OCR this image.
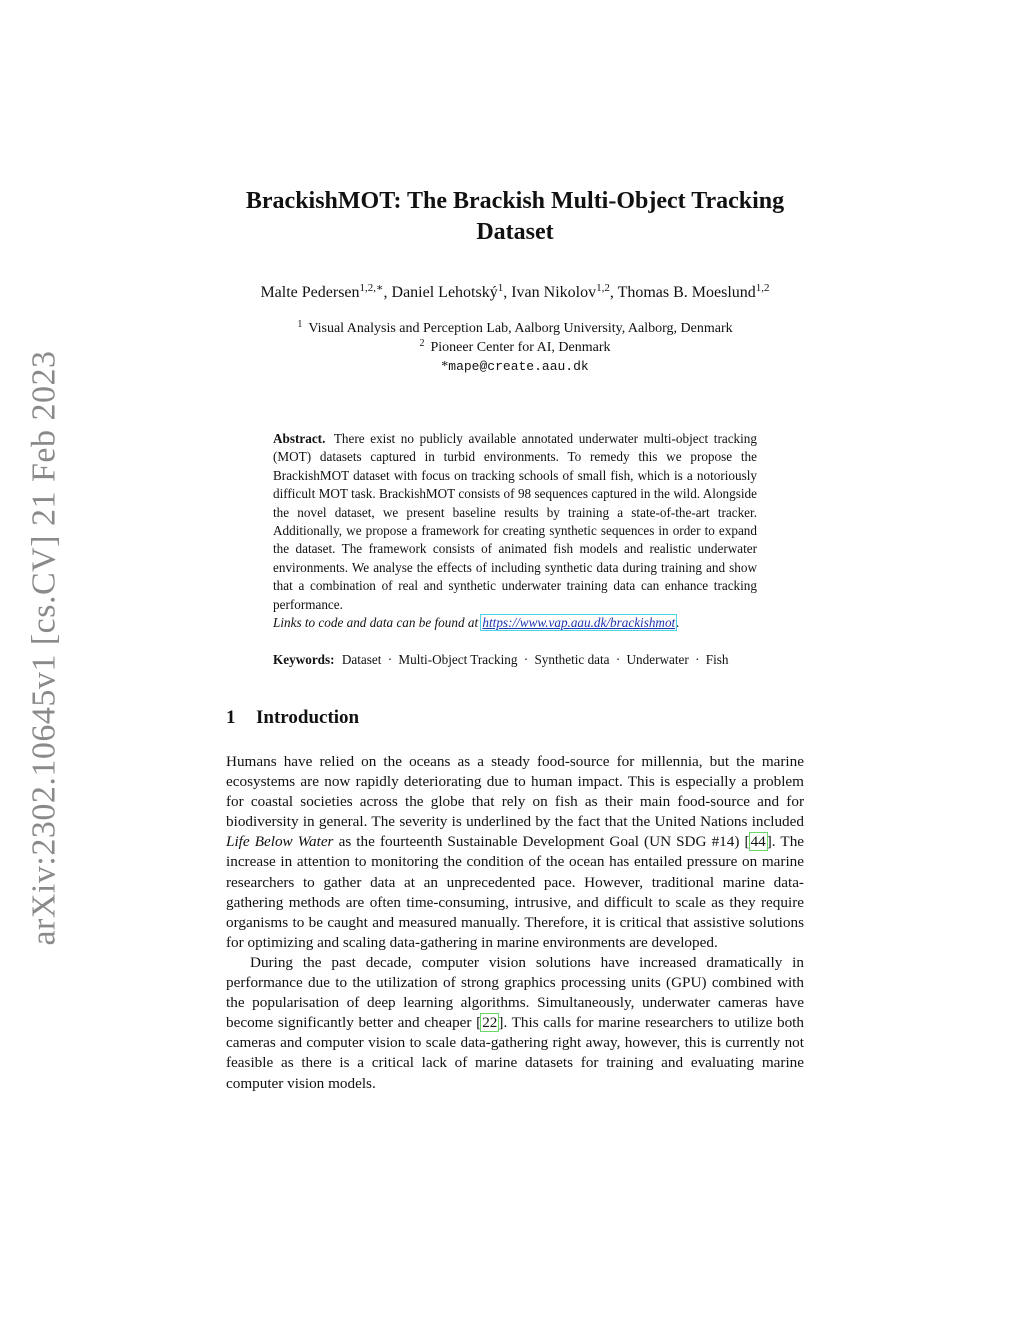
arXiv:2302.10645v1 [cs.CV] 21 Feb 2023
BrackishMOT: The Brackish Multi-Object Tracking Dataset
Malte Pedersen$^{1,2,∗}$, Daniel Lehotský$^1$, Ivan Nikolov$^{1,2}$, Thomas B. Moeslund$^{1,2}$
$^1$ Visual Analysis and Perception Lab, Aalborg University, Aalborg, Denmark
$^2$ Pioneer Center for AI, Denmark
*mape@create.aau.dk

Abstract. There exist no publicly available annotated underwater multi-object tracking (MOT) datasets captured in turbid environments. To remedy this we propose the BrackishMOT dataset with focus on tracking schools of small fish, which is a notoriously difficult MOT task. BrackishMOT consists of 98 sequences captured in the wild. Alongside the novel dataset, we present baseline results by training a state-of-the-art tracker. Additionally, we propose a framework for creating synthetic sequences in order to expand the dataset. The framework consists of animated fish models and realistic underwater environments. We analyse the effects of including synthetic data during training and show that a combination of real and synthetic underwater training data can enhance tracking performance.

Links to code and data can be found at https://www.vap.aau.dk/brackishmot.

Keywords: Dataset · Multi-Object Tracking · Synthetic data · Underwater · Fish
1 Introduction

Humans have relied on the oceans as a steady food-source for millennia, but the marine ecosystems are now rapidly deteriorating due to human impact. This is especially a problem for coastal societies across the globe that rely on fish as their main food-source and for biodiversity in general. The severity is underlined by the fact that the United Nations included Life Below Water as the fourteenth Sustainable Development Goal (UN SDG #14) [44]. The increase in attention to monitoring the condition of the ocean has entailed pressure on marine researchers to gather data at an unprecedented pace. However, traditional marine data-gathering methods are often time-consuming, intrusive, and difficult to scale as they require organisms to be caught and measured manually. Therefore, it is critical that assistive solutions for optimizing and scaling data-gathering in marine environments are developed.

During the past decade, computer vision solutions have increased dramatically in performance due to the utilization of strong graphics processing units (GPU) combined with the popularisation of deep learning algorithms. Simultaneously, underwater cameras have become significantly better and cheaper [22]. This calls for marine researchers to utilize both cameras and computer vision to scale data-gathering right away, however, this is currently not feasible as there is a critical lack of marine datasets for training and evaluating marine computer vision models.
